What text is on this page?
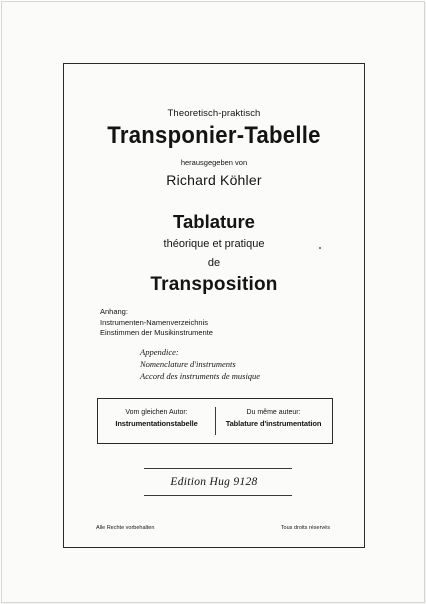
Theoretisch-praktisch
Transponier-Tabelle
herausgegeben von
Richard Köhler
Tablature
théorique et pratique
de
Transposition
Anhang:
Instrumenten-Namenverzeichnis
Einstimmen der Musikinstrumente
Appendice:
Nomenclature d'instruments
Accord des instruments de musique
Vom gleichen Autor:
Instrumentationstabelle
Du même auteur:
Tablature d'instrumentation
Edition Hug 9128
Alle Rechte vorbehalten	Tous droits réservés
